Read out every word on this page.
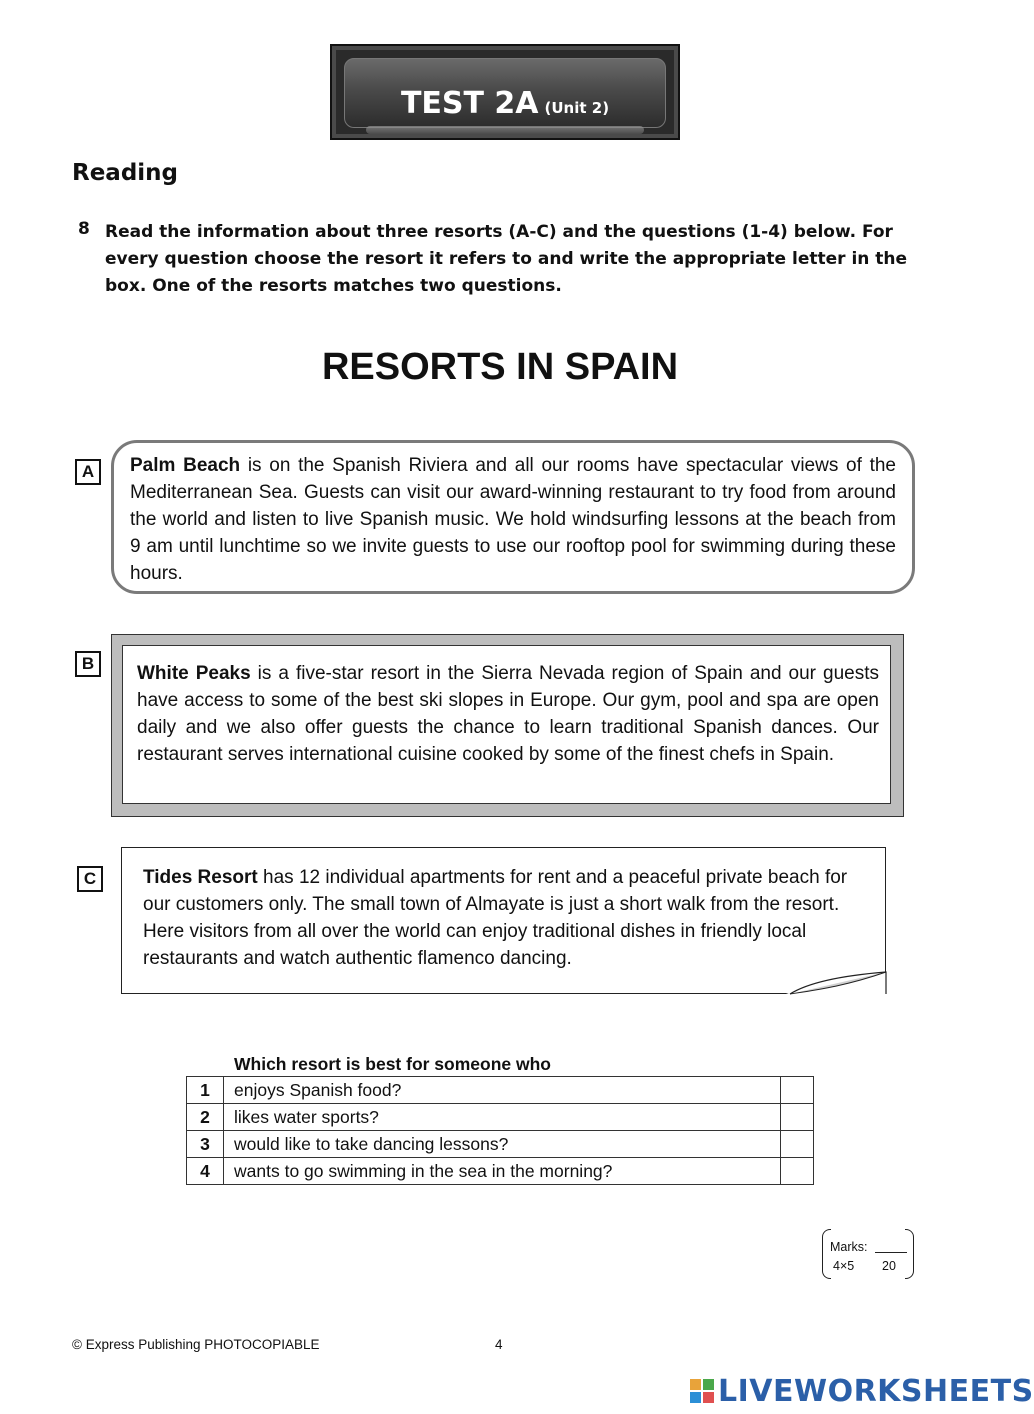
TEST 2A (Unit 2)
Reading
8 Read the information about three resorts (A-C) and the questions (1-4) below. For every question choose the resort it refers to and write the appropriate letter in the box. One of the resorts matches two questions.
RESORTS IN SPAIN
A	Palm Beach is on the Spanish Riviera and all our rooms have spectacular views of the Mediterranean Sea. Guests can visit our award-winning restaurant to try food from around the world and listen to live Spanish music. We hold windsurfing lessons at the beach from 9 am until lunchtime so we invite guests to use our rooftop pool for swimming during these hours.
B	White Peaks is a five-star resort in the Sierra Nevada region of Spain and our guests have access to some of the best ski slopes in Europe. Our gym, pool and spa are open daily and we also offer guests the chance to learn traditional Spanish dances. Our restaurant serves international cuisine cooked by some of the finest chefs in Spain.
C	Tides Resort has 12 individual apartments for rent and a peaceful private beach for our customers only. The small town of Almayate is just a short walk from the resort. Here visitors from all over the world can enjoy traditional dishes in friendly local restaurants and watch authentic flamenco dancing.
Which resort is best for someone who
1	enjoys Spanish food?	
2	likes water sports?	
3	would like to take dancing lessons?	
4	wants to go swimming in the sea in the morning?	
Marks:
4×5 20
© Express Publishing PHOTOCOPIABLE	4
LIVEWORKSHEETS
